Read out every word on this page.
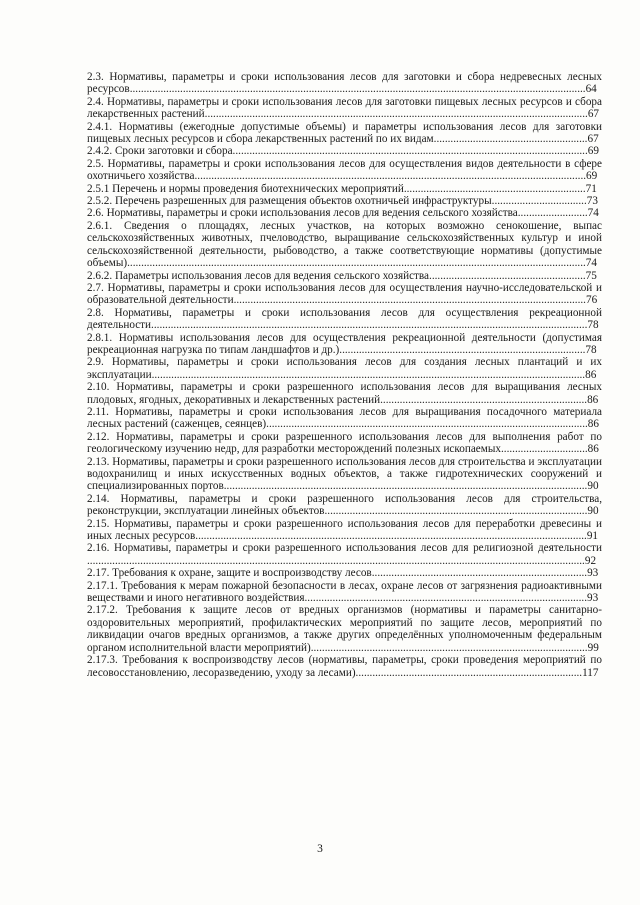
2.3. Нормативы, параметры и сроки использования лесов для заготовки и сбора недревесных лесных ресурсов...................................................................................................................................................................64
2.4. Нормативы, параметры и сроки использования лесов для заготовки пищевых лесных ресурсов и сбора лекарственных растений.........................................................................................................................................67
2.4.1. Нормативы (ежегодные допустимые объемы) и параметры использования лесов для заготовки пищевых лесных ресурсов и сбора лекарственных растений по их видам.......................................................67
2.4.2. Сроки заготовки и сбора...............................................................................................................................69
2.5. Нормативы, параметры и сроки использования лесов для осуществления видов деятельности в сфере охотничьего хозяйства............................................................................................................................................69
2.5.1 Перечень и нормы проведения биотехнических мероприятий.................................................................71
2.5.2. Перечень разрешенных для размещения объектов охотничьей инфраструктуры..................................73
2.6. Нормативы, параметры и сроки использования лесов для ведения сельского хозяйства.........................74
2.6.1. Сведения о площадях, лесных участков, на которых возможно сенокошение, выпас сельскохозяйственных животных, пчеловодство, выращивание сельскохозяйственных культур и иной сельскохозяйственной деятельности, рыбоводство, а также соответствующие нормативы (допустимые объемы)....................................................................................................................................................................74
2.6.2. Параметры использования лесов для ведения сельского хозяйства........................................................75
2.7. Нормативы, параметры и сроки использования лесов для осуществления научно-исследовательской и образовательной деятельности..............................................................................................................................76
2.8. Нормативы, параметры и сроки использования лесов для осуществления рекреационной деятельности............................................................................................................................................................78
2.8.1. Нормативы использования лесов для осуществления рекреационной деятельности (допустимая рекреационная нагрузка по типам ландшафтов и др.)........................................................................................78
2.9. Нормативы, параметры и сроки использования лесов для создания лесных плантаций и их эксплуатации...........................................................................................................................................................86
2.10. Нормативы, параметры и сроки разрешенного использования лесов для выращивания лесных плодовых, ягодных, декоративных и лекарственных растений..........................................................................86
2.11. Нормативы, параметры и сроки использования лесов для выращивания посадочного материала лесных растений (саженцев, сеянцев)...................................................................................................................86
2.12. Нормативы, параметры и сроки разрешенного использования лесов для выполнения работ по геологическому изучению недр, для разработки месторождений полезных ископаемых...............................86
2.13. Нормативы, параметры и сроки разрешенного использования лесов для строительства и эксплуатации водохранилищ и иных искусственных водных объектов, а также гидротехнических сооружений и специализированных портов..................................................................................................................................90
2.14. Нормативы, параметры и сроки разрешенного использования лесов для строительства, реконструкции, эксплуатации линейных объектов..............................................................................................90
2.15. Нормативы, параметры и сроки разрешенного использования лесов для переработки древесины и иных лесных ресурсов............................................................................................................................................91
2.16. Нормативы, параметры и сроки разрешенного использования лесов для религиозной деятельности ..................................................................................................................................................................................92
2.17. Требования к охране, защите и воспроизводству лесов.............................................................................93
2.17.1. Требования к мерам пожарной безопасности в лесах, охране лесов от загрязнения радиоактивными веществами и иного негативного воздействия.....................................................................................................93
2.17.2. Требования к защите лесов от вредных организмов (нормативы и параметры санитарно-оздоровительных мероприятий, профилактических мероприятий по защите лесов, мероприятий по ликвидации очагов вредных организмов, а также других определённых уполномоченным федеральным органом исполнительной власти мероприятий)...................................................................................................99
2.17.3. Требования к воспроизводству лесов (нормативы, параметры, сроки проведения мероприятий по лесовосстановлению, лесоразведению, уходу за лесами).................................................................................117
3
